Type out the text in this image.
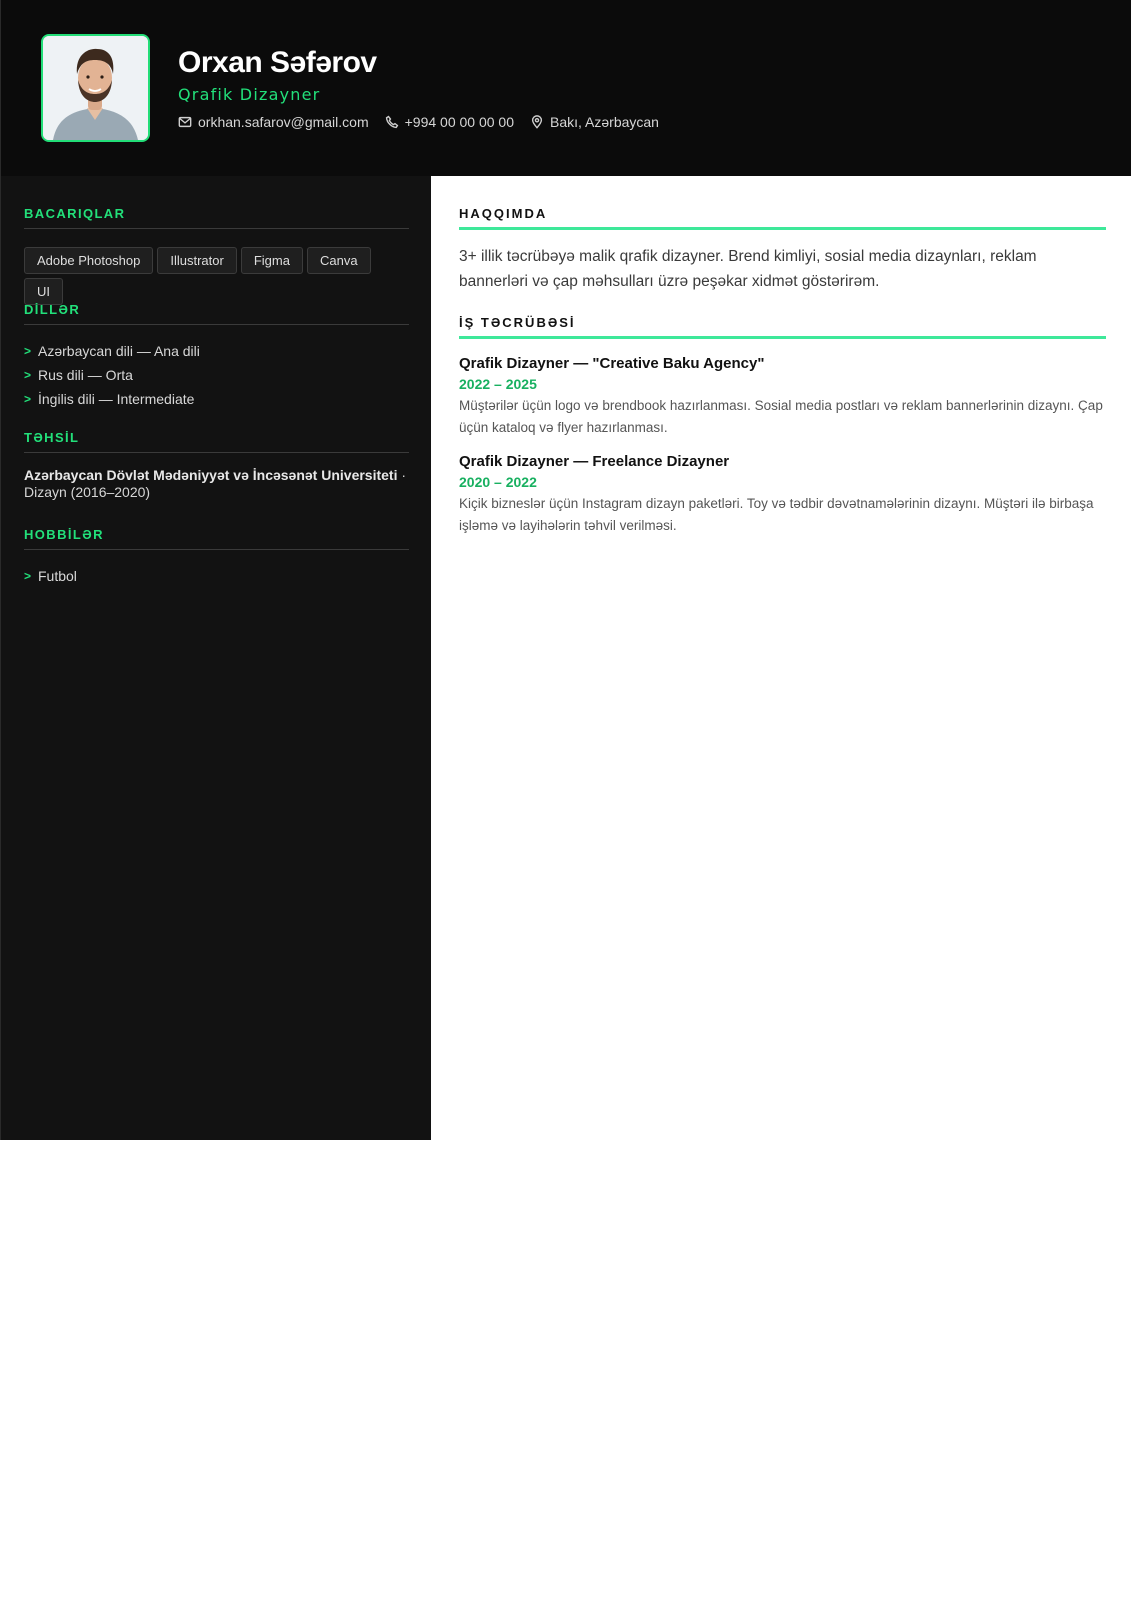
Orxan Səfərov
Qrafik Dizayner
orkhan.safarov@gmail.com	+994 00 00 00 00	Bakı, Azərbaycan
BACARIQLAR
Adobe Photoshop	Illustrator	Figma	Canva
UI
DİLLƏR
> Azərbaycan dili — Ana dili
> Rus dili — Orta
> İngilis dili — Intermediate
TƏHSİL
Azərbaycan Dövlət Mədəniyyət və İncəsənət Universiteti · Dizayn (2016–2020)
HOBBİLƏR
> Futbol
HAQQIMDA

3+ illik təcrübəyə malik qrafik dizayner. Brend kimliyi, sosial media dizaynları, reklam bannerləri və çap məhsulları üzrə peşəkar xidmət göstərirəm.

İŞ TƏCRÜBƏSİ
Qrafik Dizayner — "Creative Baku Agency"
2022 – 2025
Müştərilər üçün logo və brendbook hazırlanması. Sosial media postları və reklam bannerlərinin dizaynı. Çap üçün kataloq və flyer hazırlanması.
Qrafik Dizayner — Freelance Dizayner
2020 – 2022
Kiçik bizneslər üçün Instagram dizayn paketləri. Toy və tədbir dəvətnamələrinin dizaynı. Müştəri ilə birbaşa işləmə və layihələrin təhvil verilməsi.
